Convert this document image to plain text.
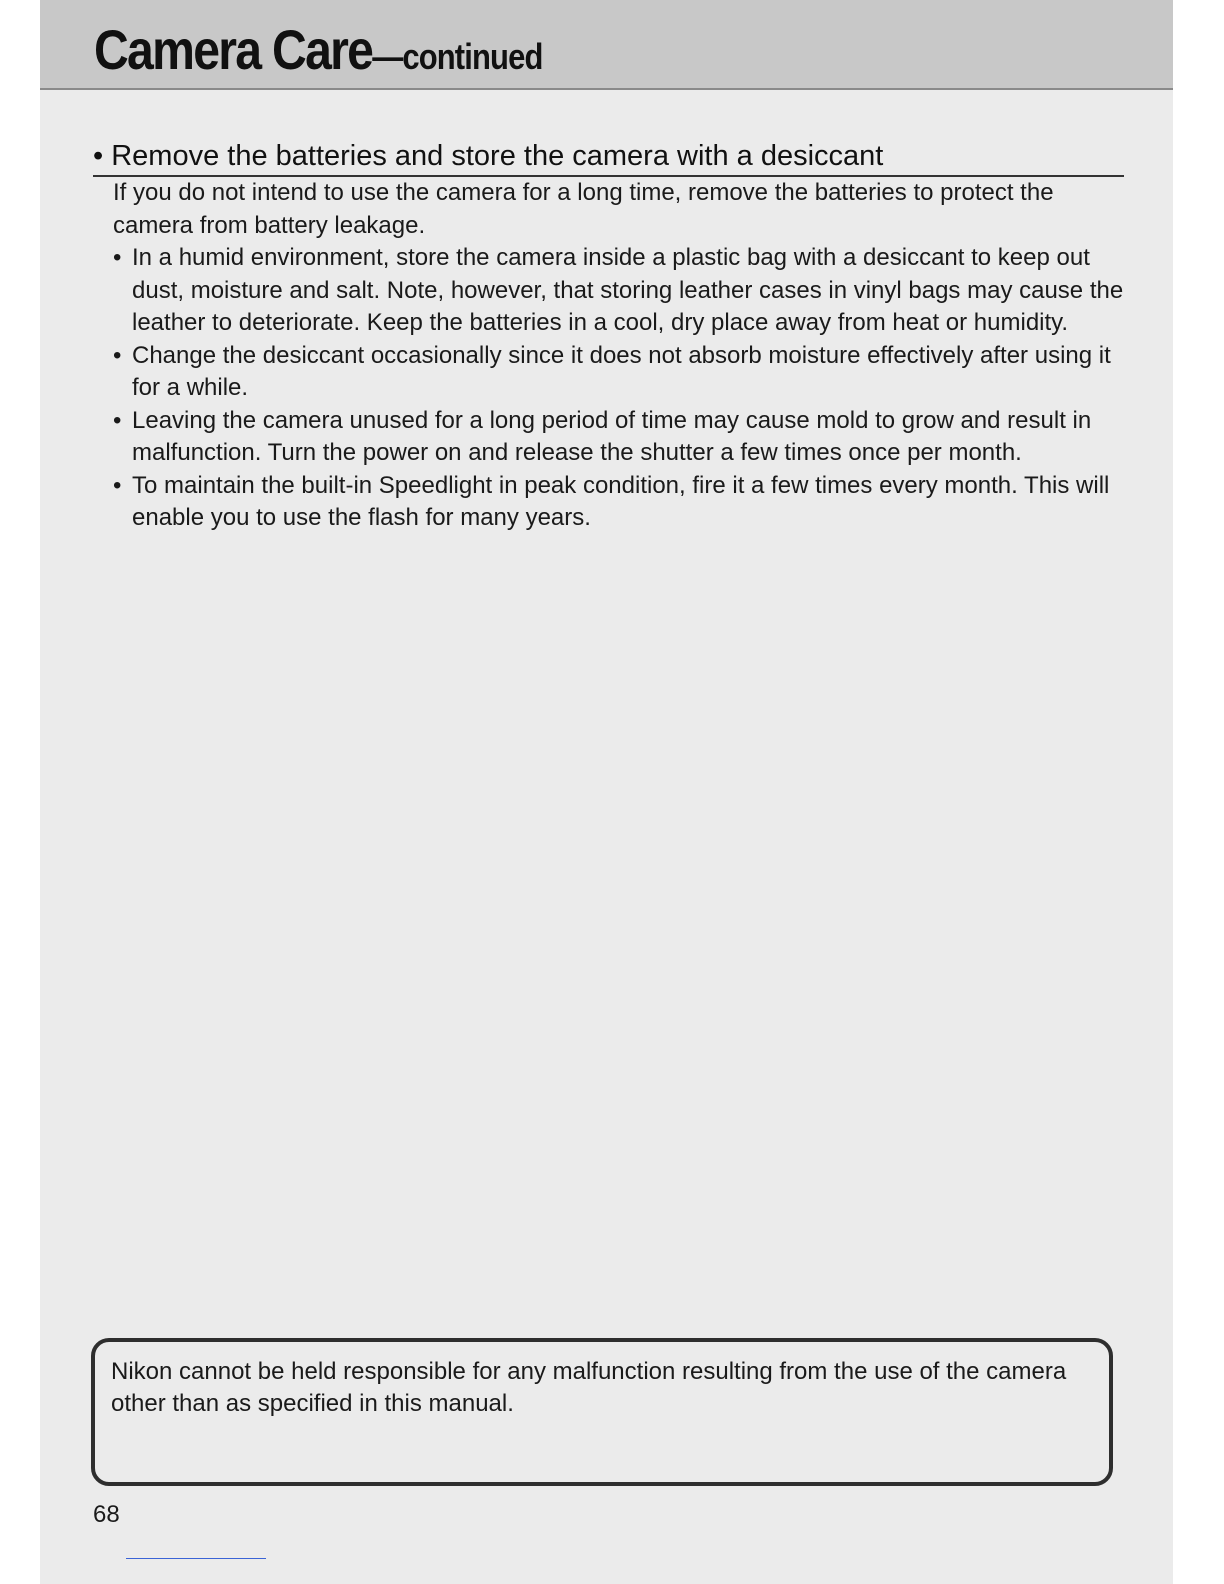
Camera Care—continued
• Remove the batteries and store the camera with a desiccant

If you do not intend to use the camera for a long time, remove the batteries to protect the camera from battery leakage.

• In a humid environment, store the camera inside a plastic bag with a desiccant to keep out dust, moisture and salt. Note, however, that storing leather cases in vinyl bags may cause the leather to deteriorate. Keep the batteries in a cool, dry place away from heat or humidity.
• Change the desiccant occasionally since it does not absorb moisture effectively after using it for a while.
• Leaving the camera unused for a long period of time may cause mold to grow and result in malfunction. Turn the power on and release the shutter a few times once per month.
• To maintain the built-in Speedlight in peak condition, fire it a few times every month. This will enable you to use the flash for many years.

Nikon cannot be held responsible for any malfunction resulting from the use of the camera other than as specified in this manual.

68
